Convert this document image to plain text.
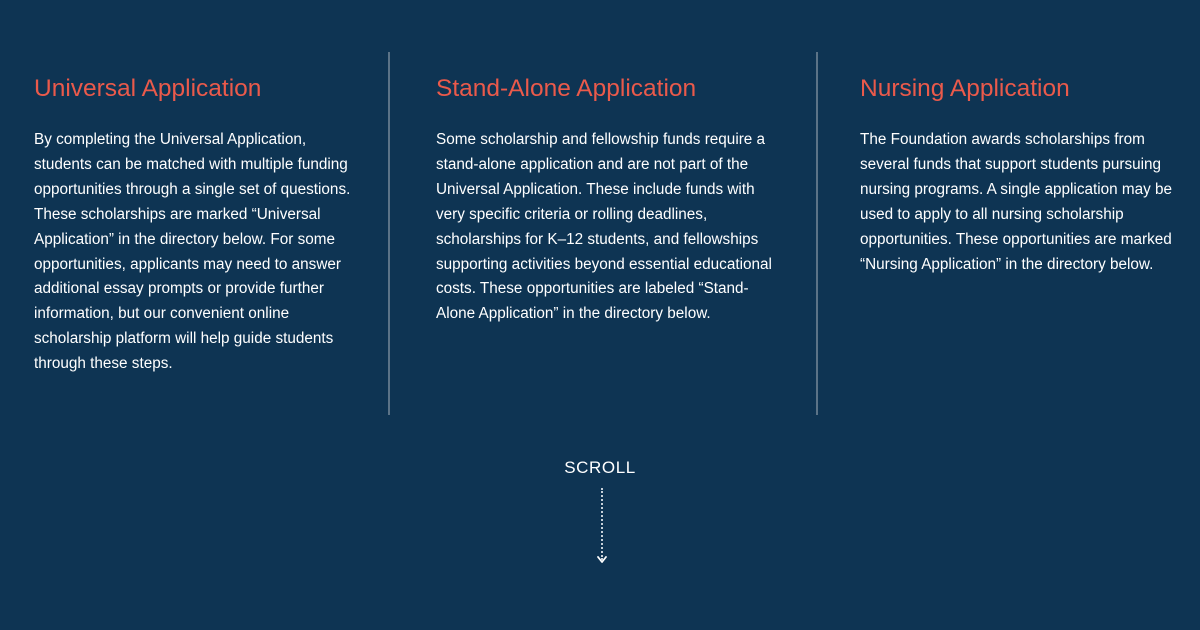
Universal Application

By completing the Universal Application, students can be matched with multiple funding opportunities through a single set of questions. These scholarships are marked “Universal Application” in the directory below. For some opportunities, applicants may need to answer additional essay prompts or provide further information, but our convenient online scholarship platform will help guide students through these steps.

Stand-Alone Application

Some scholarship and fellowship funds require a stand-alone application and are not part of the Universal Application. These include funds with very specific criteria or rolling deadlines, scholarships for K–12 students, and fellowships supporting activities beyond essential educational costs. These opportunities are labeled “Stand-Alone Application” in the directory below.

Nursing Application

The Foundation awards scholarships from several funds that support students pursuing nursing programs. A single application may be used to apply to all nursing scholarship opportunities. These opportunities are marked “Nursing Application” in the directory below.

SCROLL
